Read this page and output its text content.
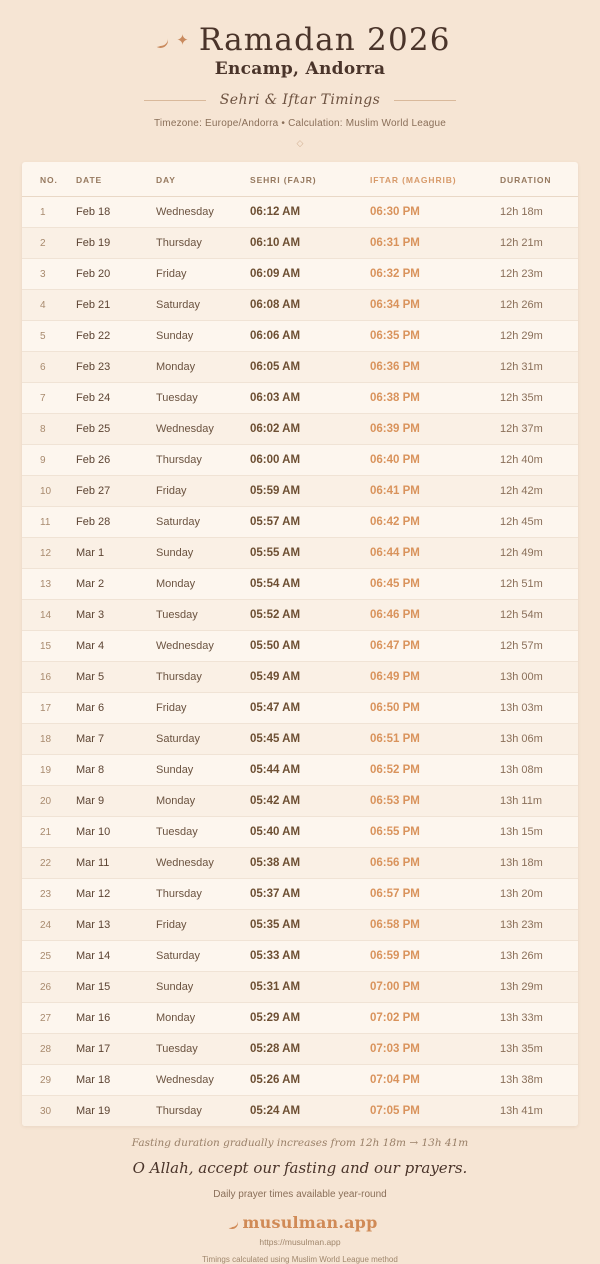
✦ Ramadan 2026
Encamp, Andorra
Sehri & Iftar Timings
Timezone: Europe/Andorra • Calculation: Muslim World League
◇
NO.	DATE	DAY	SEHRI (FAJR)	IFTAR (MAGHRIB)	DURATION
1	Feb 18	Wednesday	06:12 AM	06:30 PM	12h 18m
2	Feb 19	Thursday	06:10 AM	06:31 PM	12h 21m
3	Feb 20	Friday	06:09 AM	06:32 PM	12h 23m
4	Feb 21	Saturday	06:08 AM	06:34 PM	12h 26m
5	Feb 22	Sunday	06:06 AM	06:35 PM	12h 29m
6	Feb 23	Monday	06:05 AM	06:36 PM	12h 31m
7	Feb 24	Tuesday	06:03 AM	06:38 PM	12h 35m
8	Feb 25	Wednesday	06:02 AM	06:39 PM	12h 37m
9	Feb 26	Thursday	06:00 AM	06:40 PM	12h 40m
10	Feb 27	Friday	05:59 AM	06:41 PM	12h 42m
11	Feb 28	Saturday	05:57 AM	06:42 PM	12h 45m
12	Mar 1	Sunday	05:55 AM	06:44 PM	12h 49m
13	Mar 2	Monday	05:54 AM	06:45 PM	12h 51m
14	Mar 3	Tuesday	05:52 AM	06:46 PM	12h 54m
15	Mar 4	Wednesday	05:50 AM	06:47 PM	12h 57m
16	Mar 5	Thursday	05:49 AM	06:49 PM	13h 00m
17	Mar 6	Friday	05:47 AM	06:50 PM	13h 03m
18	Mar 7	Saturday	05:45 AM	06:51 PM	13h 06m
19	Mar 8	Sunday	05:44 AM	06:52 PM	13h 08m
20	Mar 9	Monday	05:42 AM	06:53 PM	13h 11m
21	Mar 10	Tuesday	05:40 AM	06:55 PM	13h 15m
22	Mar 11	Wednesday	05:38 AM	06:56 PM	13h 18m
23	Mar 12	Thursday	05:37 AM	06:57 PM	13h 20m
24	Mar 13	Friday	05:35 AM	06:58 PM	13h 23m
25	Mar 14	Saturday	05:33 AM	06:59 PM	13h 26m
26	Mar 15	Sunday	05:31 AM	07:00 PM	13h 29m
27	Mar 16	Monday	05:29 AM	07:02 PM	13h 33m
28	Mar 17	Tuesday	05:28 AM	07:03 PM	13h 35m
29	Mar 18	Wednesday	05:26 AM	07:04 PM	13h 38m
30	Mar 19	Thursday	05:24 AM	07:05 PM	13h 41m
Fasting duration gradually increases from 12h 18m → 13h 41m
O Allah, accept our fasting and our prayers.
Daily prayer times available year-round
musulman.app
https://musulman.app
Timings calculated using Muslim World League method
